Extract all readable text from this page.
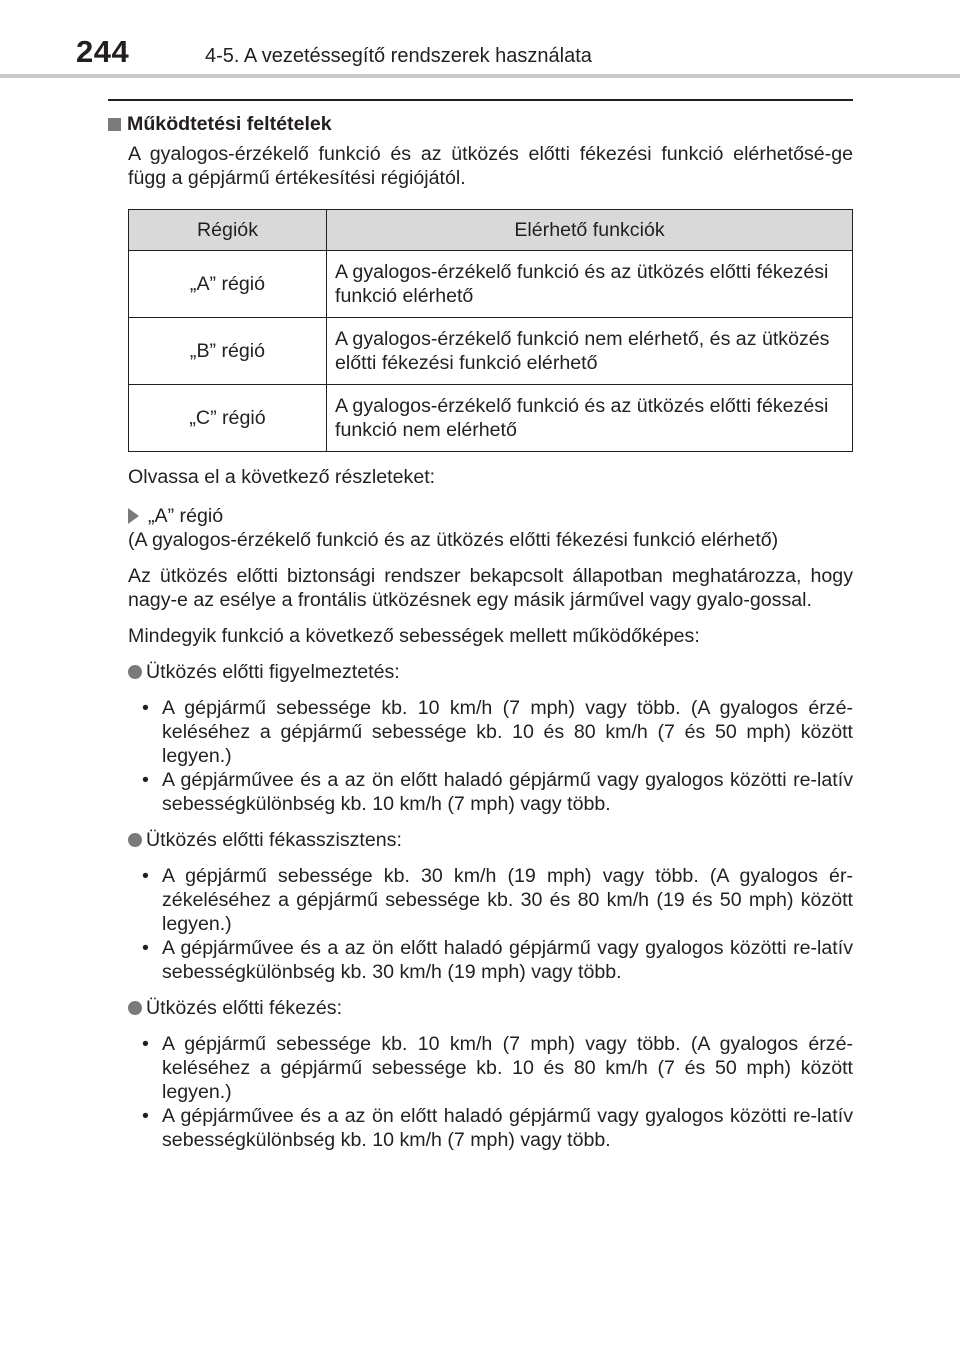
244	4-5. A vezetéssegítő rendszerek használata
Működtetési feltételek

A gyalogos-érzékelő funkció és az ütközés előtti fékezési funkció elérhetősé-ge függ a gépjármű értékesítési régiójától.

Régiók	Elérhető funkciók
„A” régió	A gyalogos-érzékelő funkció és az ütközés előtti fékezési funkció elérhető
„B” régió	A gyalogos-érzékelő funkció nem elérhető, és az ütközés előtti fékezési funkció elérhető
„C” régió	A gyalogos-érzékelő funkció és az ütközés előtti fékezési funkció nem elérhető

Olvassa el a következő részleteket:

„A” régió

(A gyalogos-érzékelő funkció és az ütközés előtti fékezési funkció elérhető)

Az ütközés előtti biztonsági rendszer bekapcsolt állapotban meghatározza, hogy nagy-e az esélye a frontális ütközésnek egy másik járművel vagy gyalo-gossal.

Mindegyik funkció a következő sebességek mellett működőképes:

Ütközés előtti figyelmeztetés:
• A gépjármű sebessége kb. 10 km/h (7 mph) vagy több. (A gyalogos érzé-keléséhez a gépjármű sebessége kb. 10 és 80 km/h (7 és 50 mph) között legyen.)
• A gépjárművee és a az ön előtt haladó gépjármű vagy gyalogos közötti re-latív sebességkülönbség kb. 10 km/h (7 mph) vagy több.
Ütközés előtti fékasszisztens:
• A gépjármű sebessége kb. 30 km/h (19 mph) vagy több. (A gyalogos ér-zékeléséhez a gépjármű sebessége kb. 30 és 80 km/h (19 és 50 mph) között legyen.)
• A gépjárművee és a az ön előtt haladó gépjármű vagy gyalogos közötti re-latív sebességkülönbség kb. 30 km/h (19 mph) vagy több.
Ütközés előtti fékezés:
• A gépjármű sebessége kb. 10 km/h (7 mph) vagy több. (A gyalogos érzé-keléséhez a gépjármű sebessége kb. 10 és 80 km/h (7 és 50 mph) között legyen.)
• A gépjárművee és a az ön előtt haladó gépjármű vagy gyalogos közötti re-latív sebességkülönbség kb. 10 km/h (7 mph) vagy több.
